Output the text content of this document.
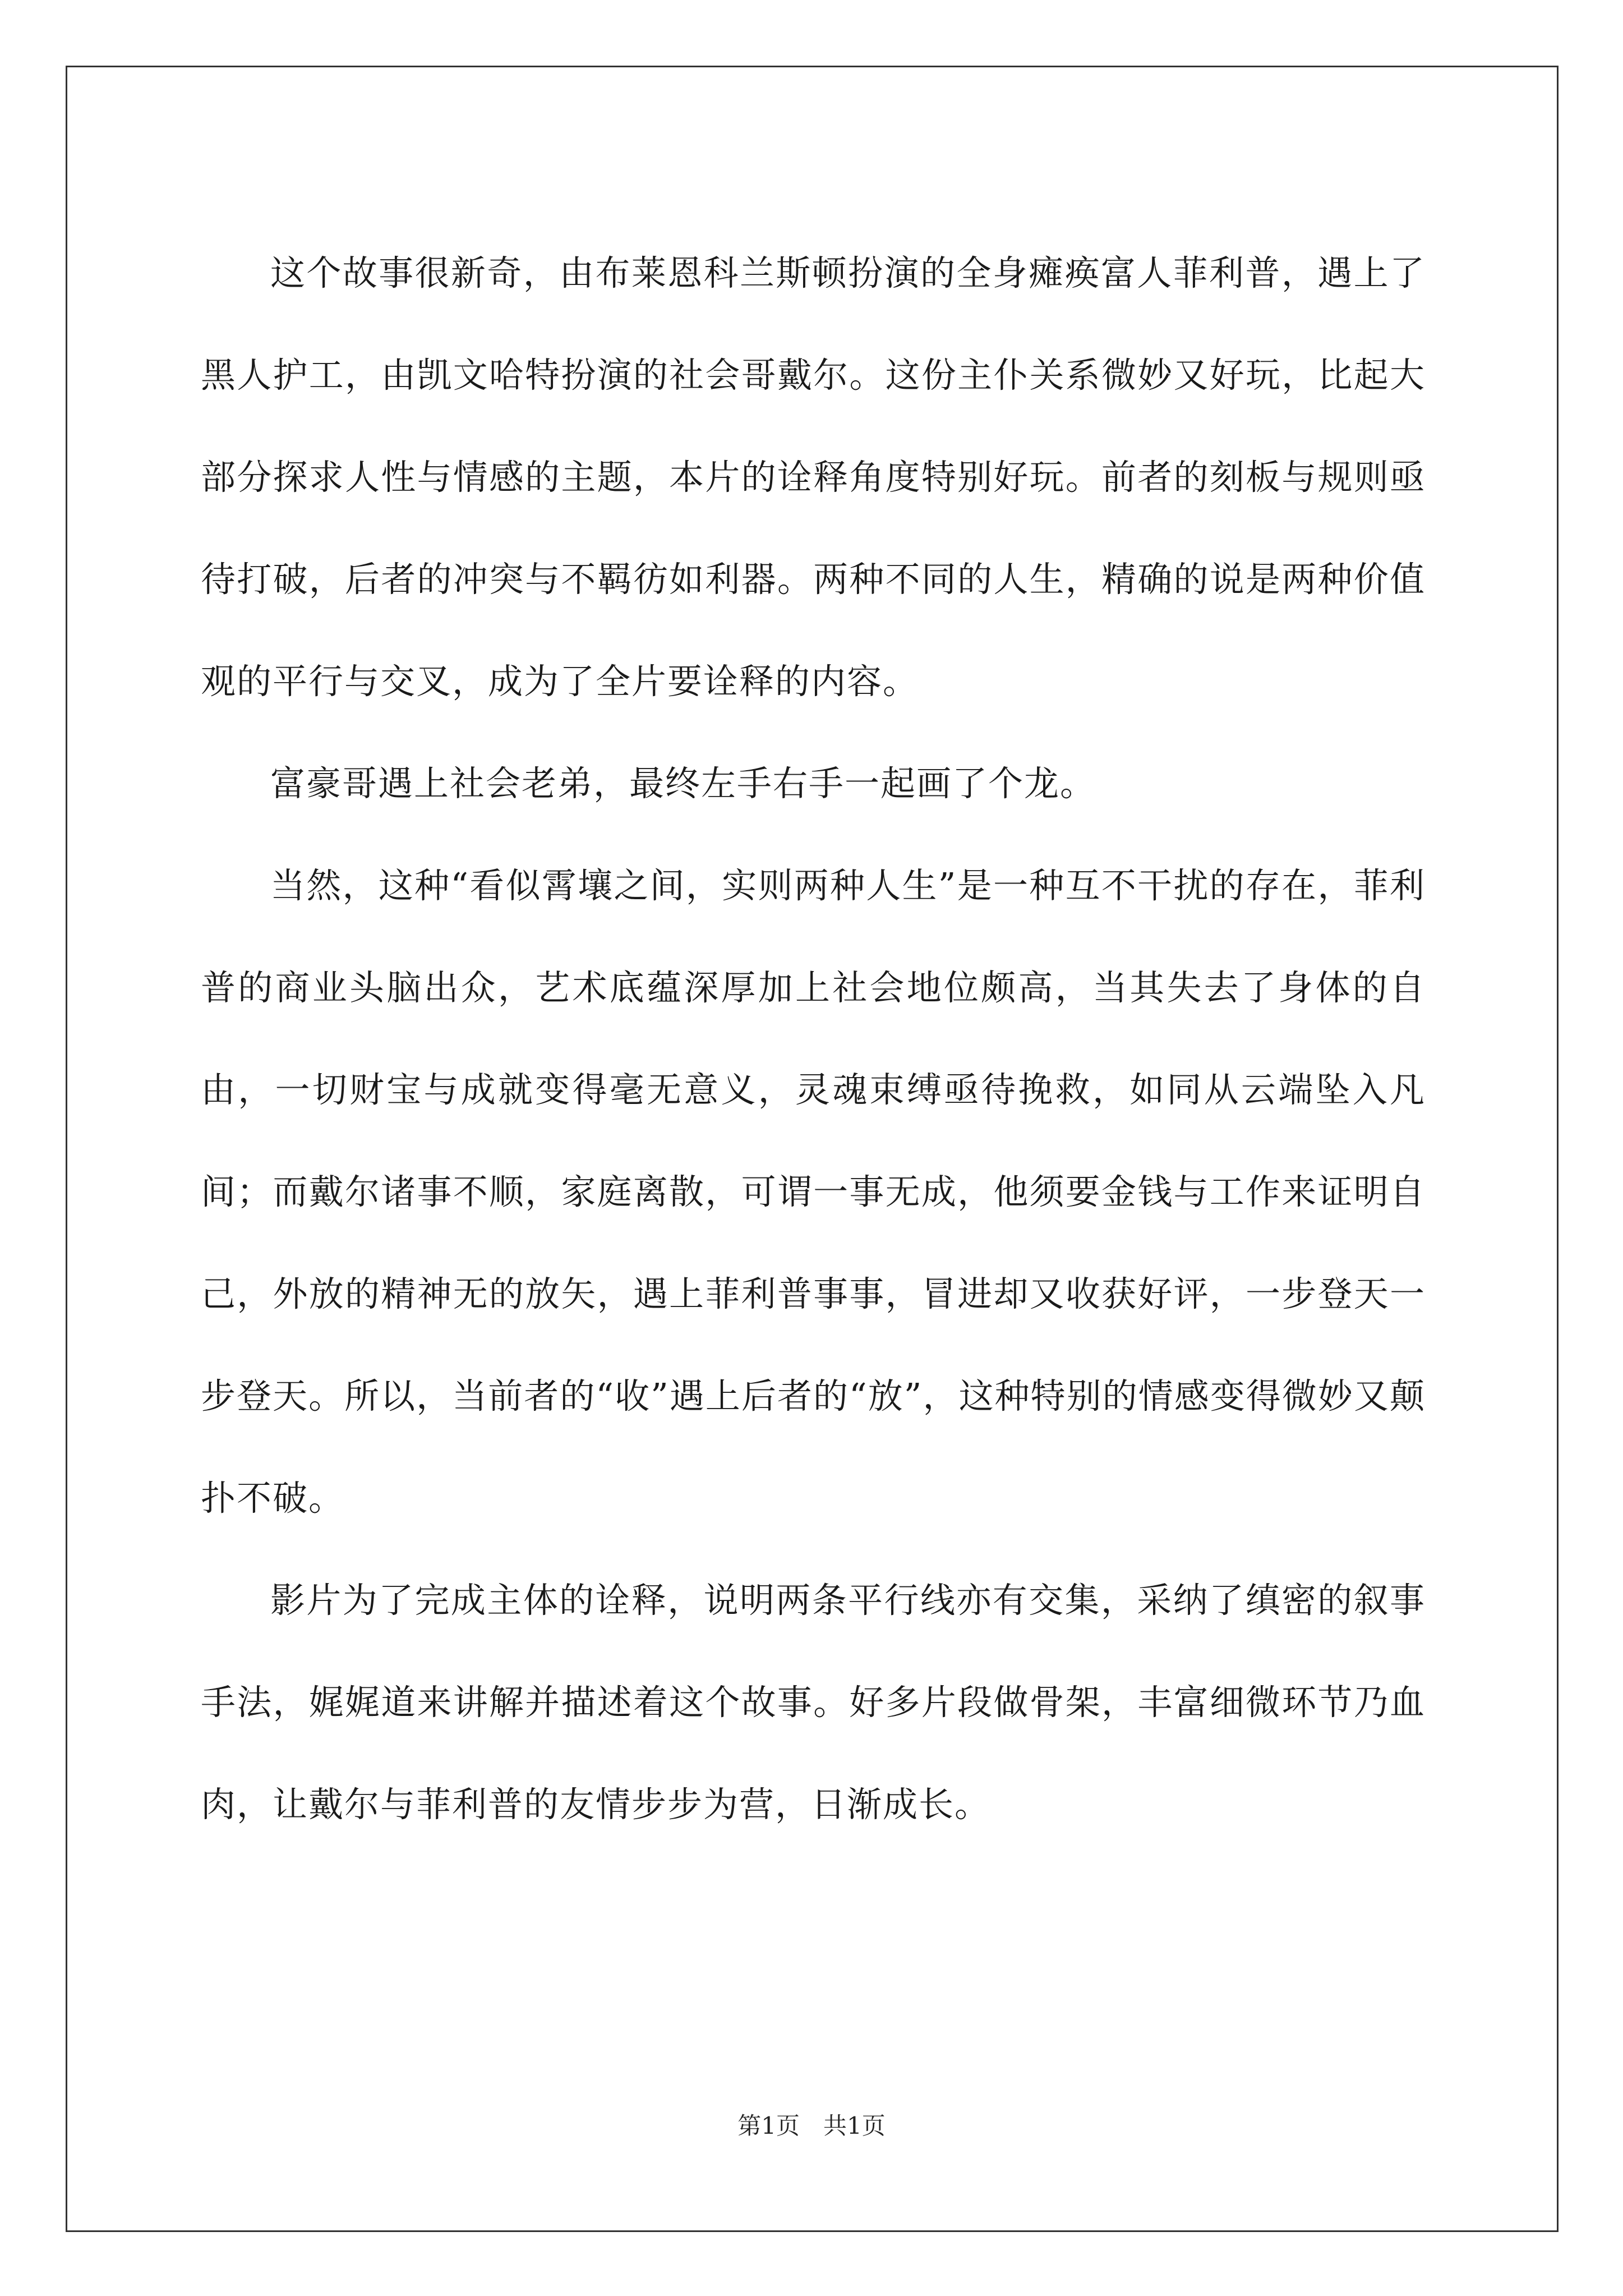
这个故事很新奇，由布莱恩科兰斯顿扮演的全身瘫痪富人菲利普，遇上了黑人护工，由凯文哈特扮演的社会哥戴尔。这份主仆关系微妙又好玩，比起大部分探求人性与情感的主题，本片的诠释角度特别好玩。前者的刻板与规则亟待打破，后者的冲突与不羁彷如利器。两种不同的人生，精确的说是两种价值观的平行与交叉，成为了全片要诠释的内容。

富豪哥遇上社会老弟，最终左手右手一起画了个龙。

当然，这种“看似霄壤之间，实则两种人生”是一种互不干扰的存在，菲利普的商业头脑出众，艺术底蕴深厚加上社会地位颇高，当其失去了身体的自由，一切财宝与成就变得毫无意义，灵魂束缚亟待挽救，如同从云端坠入凡间；而戴尔诸事不顺，家庭离散，可谓一事无成，他须要金钱与工作来证明自己，外放的精神无的放矢，遇上菲利普事事，冒进却又收获好评，一步登天一步登天。所以，当前者的“收”遇上后者的“放”，这种特别的情感变得微妙又颠扑不破。

影片为了完成主体的诠释，说明两条平行线亦有交集，采纳了缜密的叙事手法，娓娓道来讲解并描述着这个故事。好多片段做骨架，丰富细微环节乃血肉，让戴尔与菲利普的友情步步为营，日渐成长。

第1页　共1页
